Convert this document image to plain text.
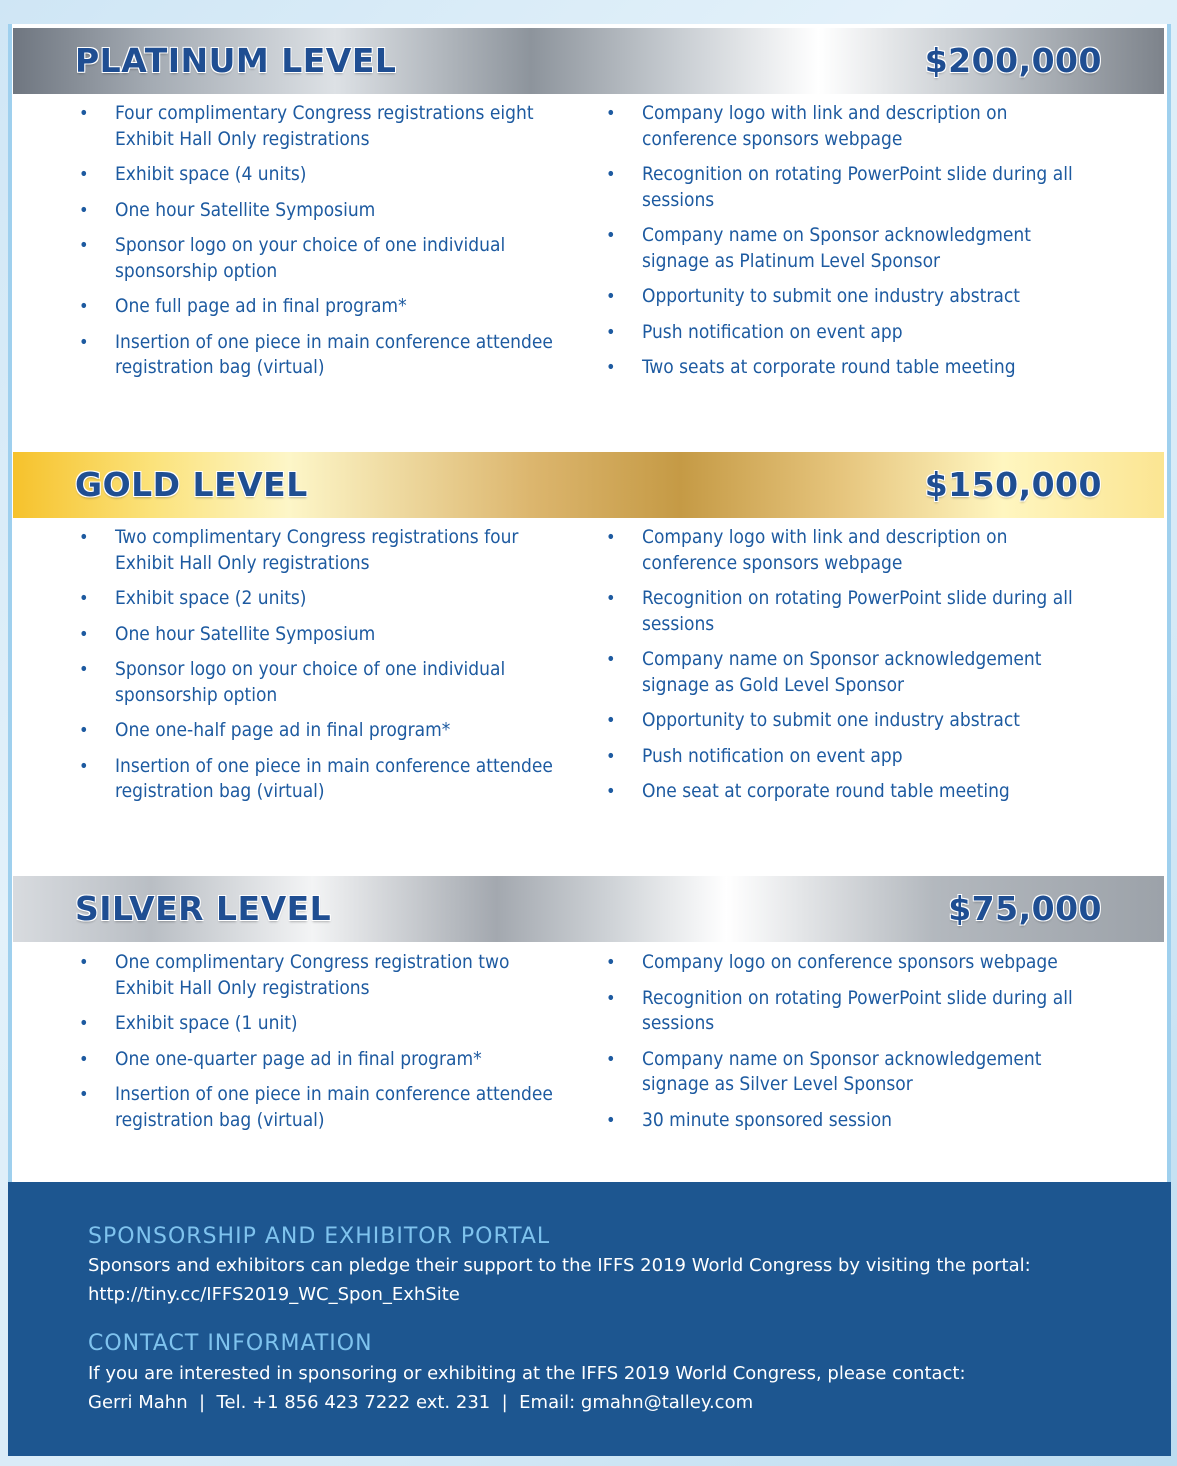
PLATINUM LEVEL	$200,000
• Four complimentary Congress registrations eight Exhibit Hall Only registrations
• Exhibit space (4 units)
• One hour Satellite Symposium
• Sponsor logo on your choice of one individual sponsorship option
• One full page ad in final program*
• Insertion of one piece in main conference attendee registration bag (virtual)
• Company logo with link and description on conference sponsors webpage
• Recognition on rotating PowerPoint slide during all sessions
• Company name on Sponsor acknowledgment signage as Platinum Level Sponsor
• Opportunity to submit one industry abstract
• Push notification on event app
• Two seats at corporate round table meeting
GOLD LEVEL	$150,000
• Two complimentary Congress registrations four Exhibit Hall Only registrations
• Exhibit space (2 units)
• One hour Satellite Symposium
• Sponsor logo on your choice of one individual sponsorship option
• One one-half page ad in final program*
• Insertion of one piece in main conference attendee registration bag (virtual)
• Company logo with link and description on conference sponsors webpage
• Recognition on rotating PowerPoint slide during all sessions
• Company name on Sponsor acknowledgement signage as Gold Level Sponsor
• Opportunity to submit one industry abstract
• Push notification on event app
• One seat at corporate round table meeting
SILVER LEVEL	$75,000
• One complimentary Congress registration two Exhibit Hall Only registrations
• Exhibit space (1 unit)
• One one-quarter page ad in final program*
• Insertion of one piece in main conference attendee registration bag (virtual)
• Company logo on conference sponsors webpage
• Recognition on rotating PowerPoint slide during all sessions
• Company name on Sponsor acknowledgement signage as Silver Level Sponsor
• 30 minute sponsored session
SPONSORSHIP AND EXHIBITOR PORTAL
Sponsors and exhibitors can pledge their support to the IFFS 2019 World Congress by visiting the portal:
http://tiny.cc/IFFS2019_WC_Spon_ExhSite
CONTACT INFORMATION
If you are interested in sponsoring or exhibiting at the IFFS 2019 World Congress, please contact:
Gerri Mahn  |  Tel. +1 856 423 7222 ext. 231  |  Email: gmahn@talley.com
